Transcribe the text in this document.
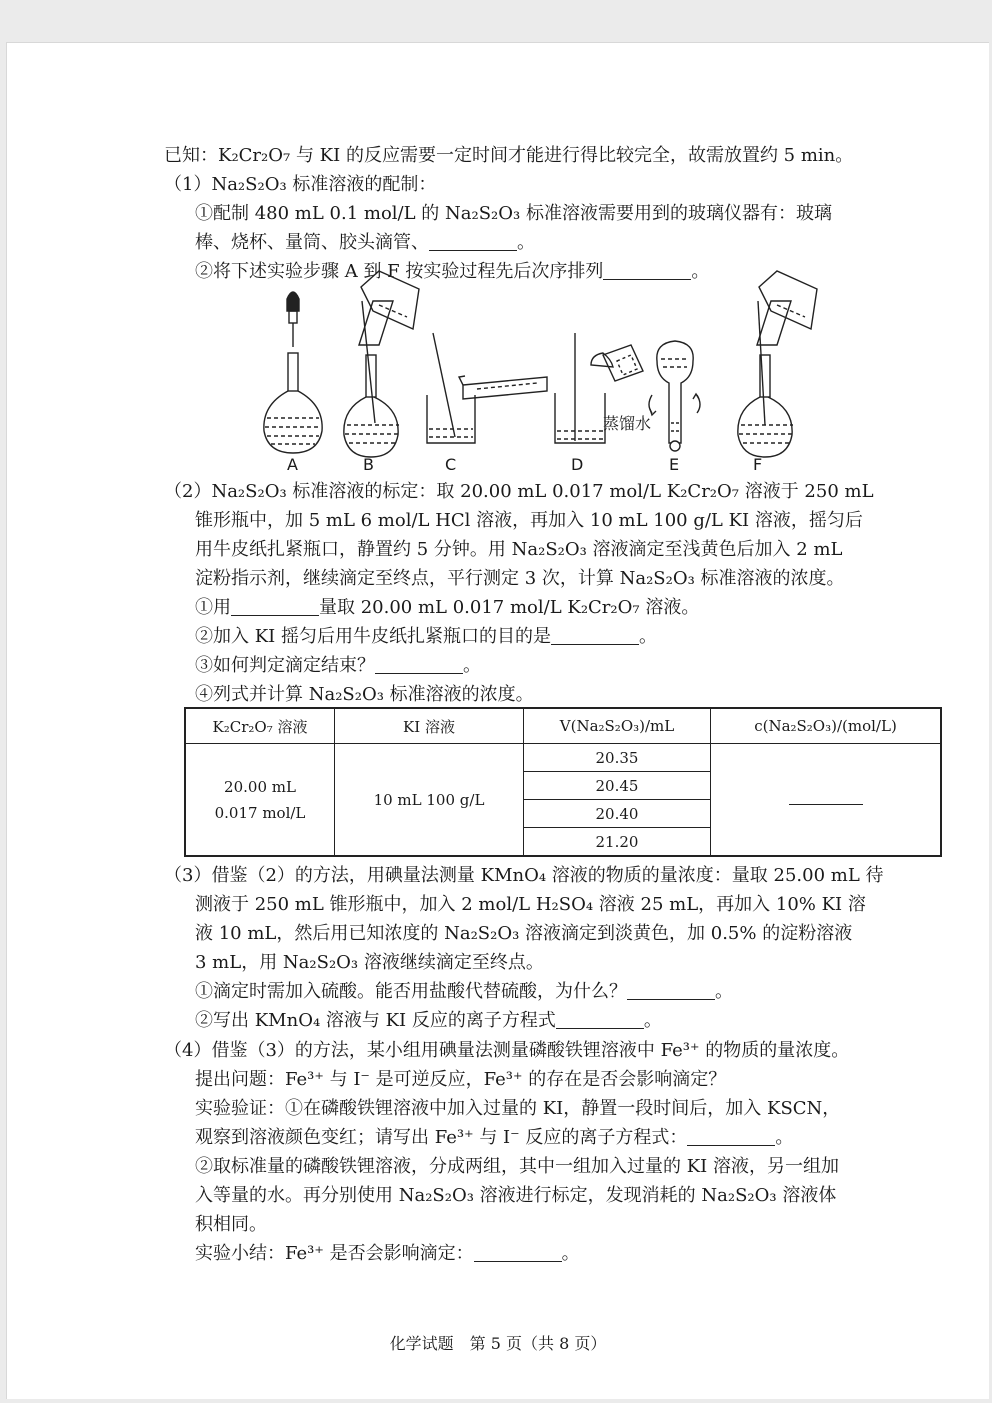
已知：K₂Cr₂O₇ 与 KI 的反应需要一定时间才能进行得比较完全，故需放置约 5 min。
（1）Na₂S₂O₃ 标准溶液的配制：
①配制 480 mL 0.1 mol/L 的 Na₂S₂O₃ 标准溶液需要用到的玻璃仪器有：玻璃
棒、烧杯、量筒、胶头滴管、	。
②将下述实验步骤 A 到 F 按实验过程先后次序排列	。
蒸馏水
A	B	C	D	E	F
（2）Na₂S₂O₃ 标准溶液的标定：取 20.00 mL 0.017 mol/L K₂Cr₂O₇ 溶液于 250 mL
锥形瓶中，加 5 mL 6 mol/L HCl 溶液，再加入 10 mL 100 g/L KI 溶液，摇匀后
用牛皮纸扎紧瓶口，静置约 5 分钟。用 Na₂S₂O₃ 溶液滴定至浅黄色后加入 2 mL
淀粉指示剂，继续滴定至终点，平行测定 3 次，计算 Na₂S₂O₃ 标准溶液的浓度。
①用	量取 20.00 mL 0.017 mol/L K₂Cr₂O₇ 溶液。
②加入 KI 摇匀后用牛皮纸扎紧瓶口的目的是	。
③如何判定滴定结束？	。
④列式并计算 Na₂S₂O₃ 标准溶液的浓度。
K₂Cr₂O₇ 溶液	KI 溶液	V(Na₂S₂O₃)/mL	c(Na₂S₂O₃)/(mol/L)

20.00 mL
0.017 mol/L	10 mL 100 g/L	20.35	
		20.45	
		20.40	
		21.20	
（3）借鉴（2）的方法，用碘量法测量 KMnO₄ 溶液的物质的量浓度：量取 25.00 mL 待
测液于 250 mL 锥形瓶中，加入 2 mol/L H₂SO₄ 溶液 25 mL，再加入 10% KI 溶
液 10 mL，然后用已知浓度的 Na₂S₂O₃ 溶液滴定到淡黄色，加 0.5% 的淀粉溶液
3 mL，用 Na₂S₂O₃ 溶液继续滴定至终点。
①滴定时需加入硫酸。能否用盐酸代替硫酸，为什么？	。
②写出 KMnO₄ 溶液与 KI 反应的离子方程式	。
（4）借鉴（3）的方法，某小组用碘量法测量磷酸铁锂溶液中 Fe³⁺ 的物质的量浓度。
提出问题：Fe³⁺ 与 I⁻ 是可逆反应，Fe³⁺ 的存在是否会影响滴定？
实验验证：①在磷酸铁锂溶液中加入过量的 KI，静置一段时间后，加入 KSCN，
观察到溶液颜色变红；请写出 Fe³⁺ 与 I⁻ 反应的离子方程式：	。
②取标准量的磷酸铁锂溶液，分成两组，其中一组加入过量的 KI 溶液，另一组加
入等量的水。再分别使用 Na₂S₂O₃ 溶液进行标定，发现消耗的 Na₂S₂O₃ 溶液体
积相同。
实验小结：Fe³⁺ 是否会影响滴定：	。
化学试题　第 5 页（共 8 页）
